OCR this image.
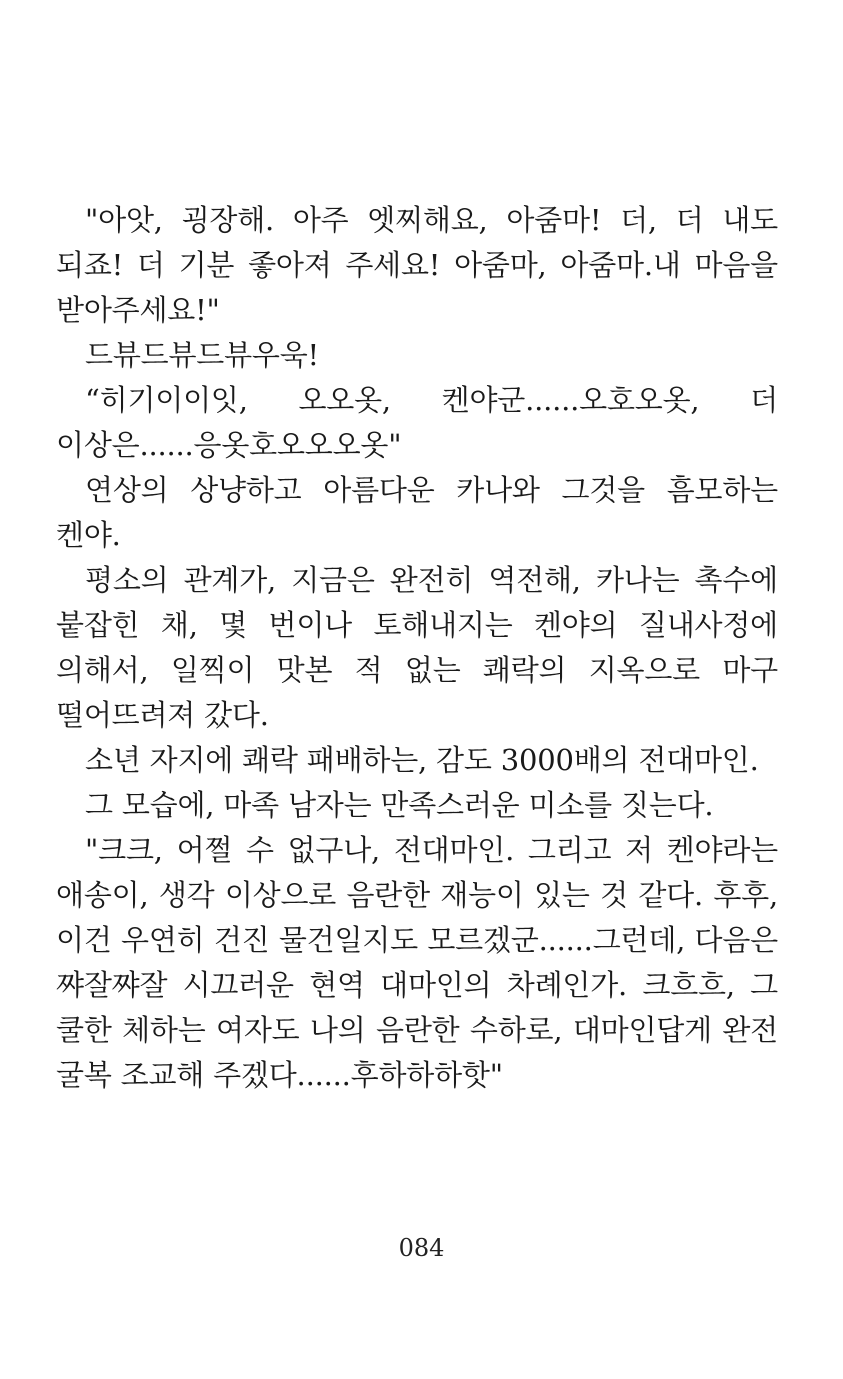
"아앗, 굉장해. 아주 엣찌해요, 아줌마! 더, 더 내도 되죠! 더 기분 좋아져 주세요! 아줌마, 아줌마.내 마음을 받아주세요!"

드뷰드뷰드뷰우욱!

“히기이이잇, 오오옷, 켄야군......오호오옷, 더 이상은......응옷호오오오옷"

연상의 상냥하고 아름다운 카나와 그것을 흠모하는 켄야.

평소의 관계가, 지금은 완전히 역전해, 카나는 촉수에 붙잡힌 채, 몇 번이나 토해내지는 켄야의 질내사정에 의해서, 일찍이 맛본 적 없는 쾌락의 지옥으로 마구 떨어뜨려져 갔다.

소년 자지에 쾌락 패배하는, 감도 3000배의 전대마인.

그 모습에, 마족 남자는 만족스러운 미소를 짓는다.

"크크, 어쩔 수 없구나, 전대마인. 그리고 저 켄야라는 애송이, 생각 이상으로 음란한 재능이 있는 것 같다. 후후, 이건 우연히 건진 물건일지도 모르겠군......그런데, 다음은 쨔잘쨔잘 시끄러운 현역 대마인의 차례인가. 크흐흐, 그 쿨한 체하는 여자도 나의 음란한 수하로, 대마인답게 완전 굴복 조교해 주겠다......후하하하핫"

084
